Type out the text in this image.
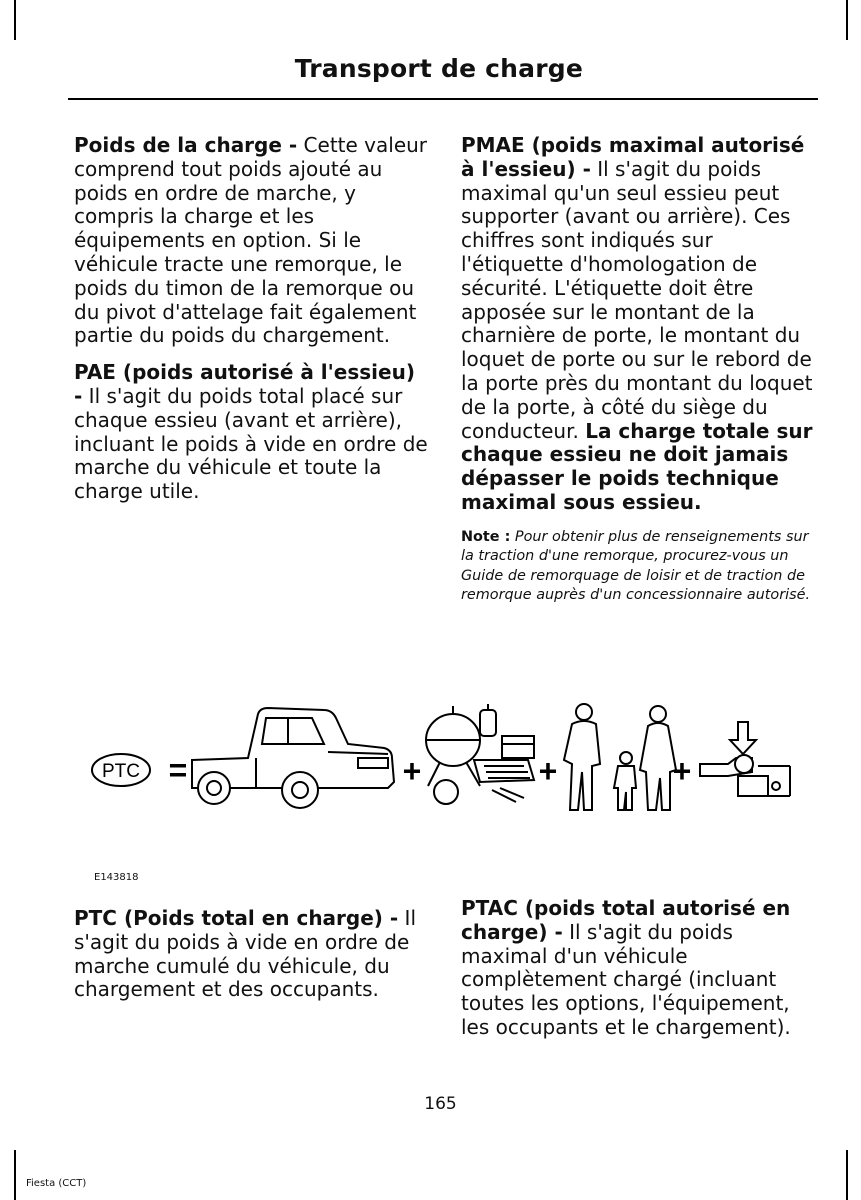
Transport de charge

Poids de la charge - Cette valeur comprend tout poids ajouté au poids en ordre de marche, y compris la charge et les équipements en option. Si le véhicule tracte une remorque, le poids du timon de la remorque ou du pivot d'attelage fait également partie du poids du chargement.

PAE (poids autorisé à l'essieu) - Il s'agit du poids total placé sur chaque essieu (avant et arrière), incluant le poids à vide en ordre de marche du véhicule et toute la charge utile.

PMAE (poids maximal autorisé à l'essieu) - Il s'agit du poids maximal qu'un seul essieu peut supporter (avant ou arrière). Ces chiffres sont indiqués sur l'étiquette d'homologation de sécurité. L'étiquette doit être apposée sur le montant de la charnière de porte, le montant du loquet de porte ou sur le rebord de la porte près du montant du loquet de la porte, à côté du siège du conducteur. La charge totale sur chaque essieu ne doit jamais dépasser le poids technique maximal sous essieu.

Note : Pour obtenir plus de renseignements sur la traction d'une remorque, procurez-vous un Guide de remorquage de loisir et de traction de remorque auprès d'un concessionnaire autorisé.

PTC =	+	+	+
E143818

PTC (Poids total en charge) - Il s'agit du poids à vide en ordre de marche cumulé du véhicule, du chargement et des occupants.

PTAC (poids total autorisé en charge) - Il s'agit du poids maximal d'un véhicule complètement chargé (incluant toutes les options, l'équipement, les occupants et le chargement).

165
Fiesta (CCT)
